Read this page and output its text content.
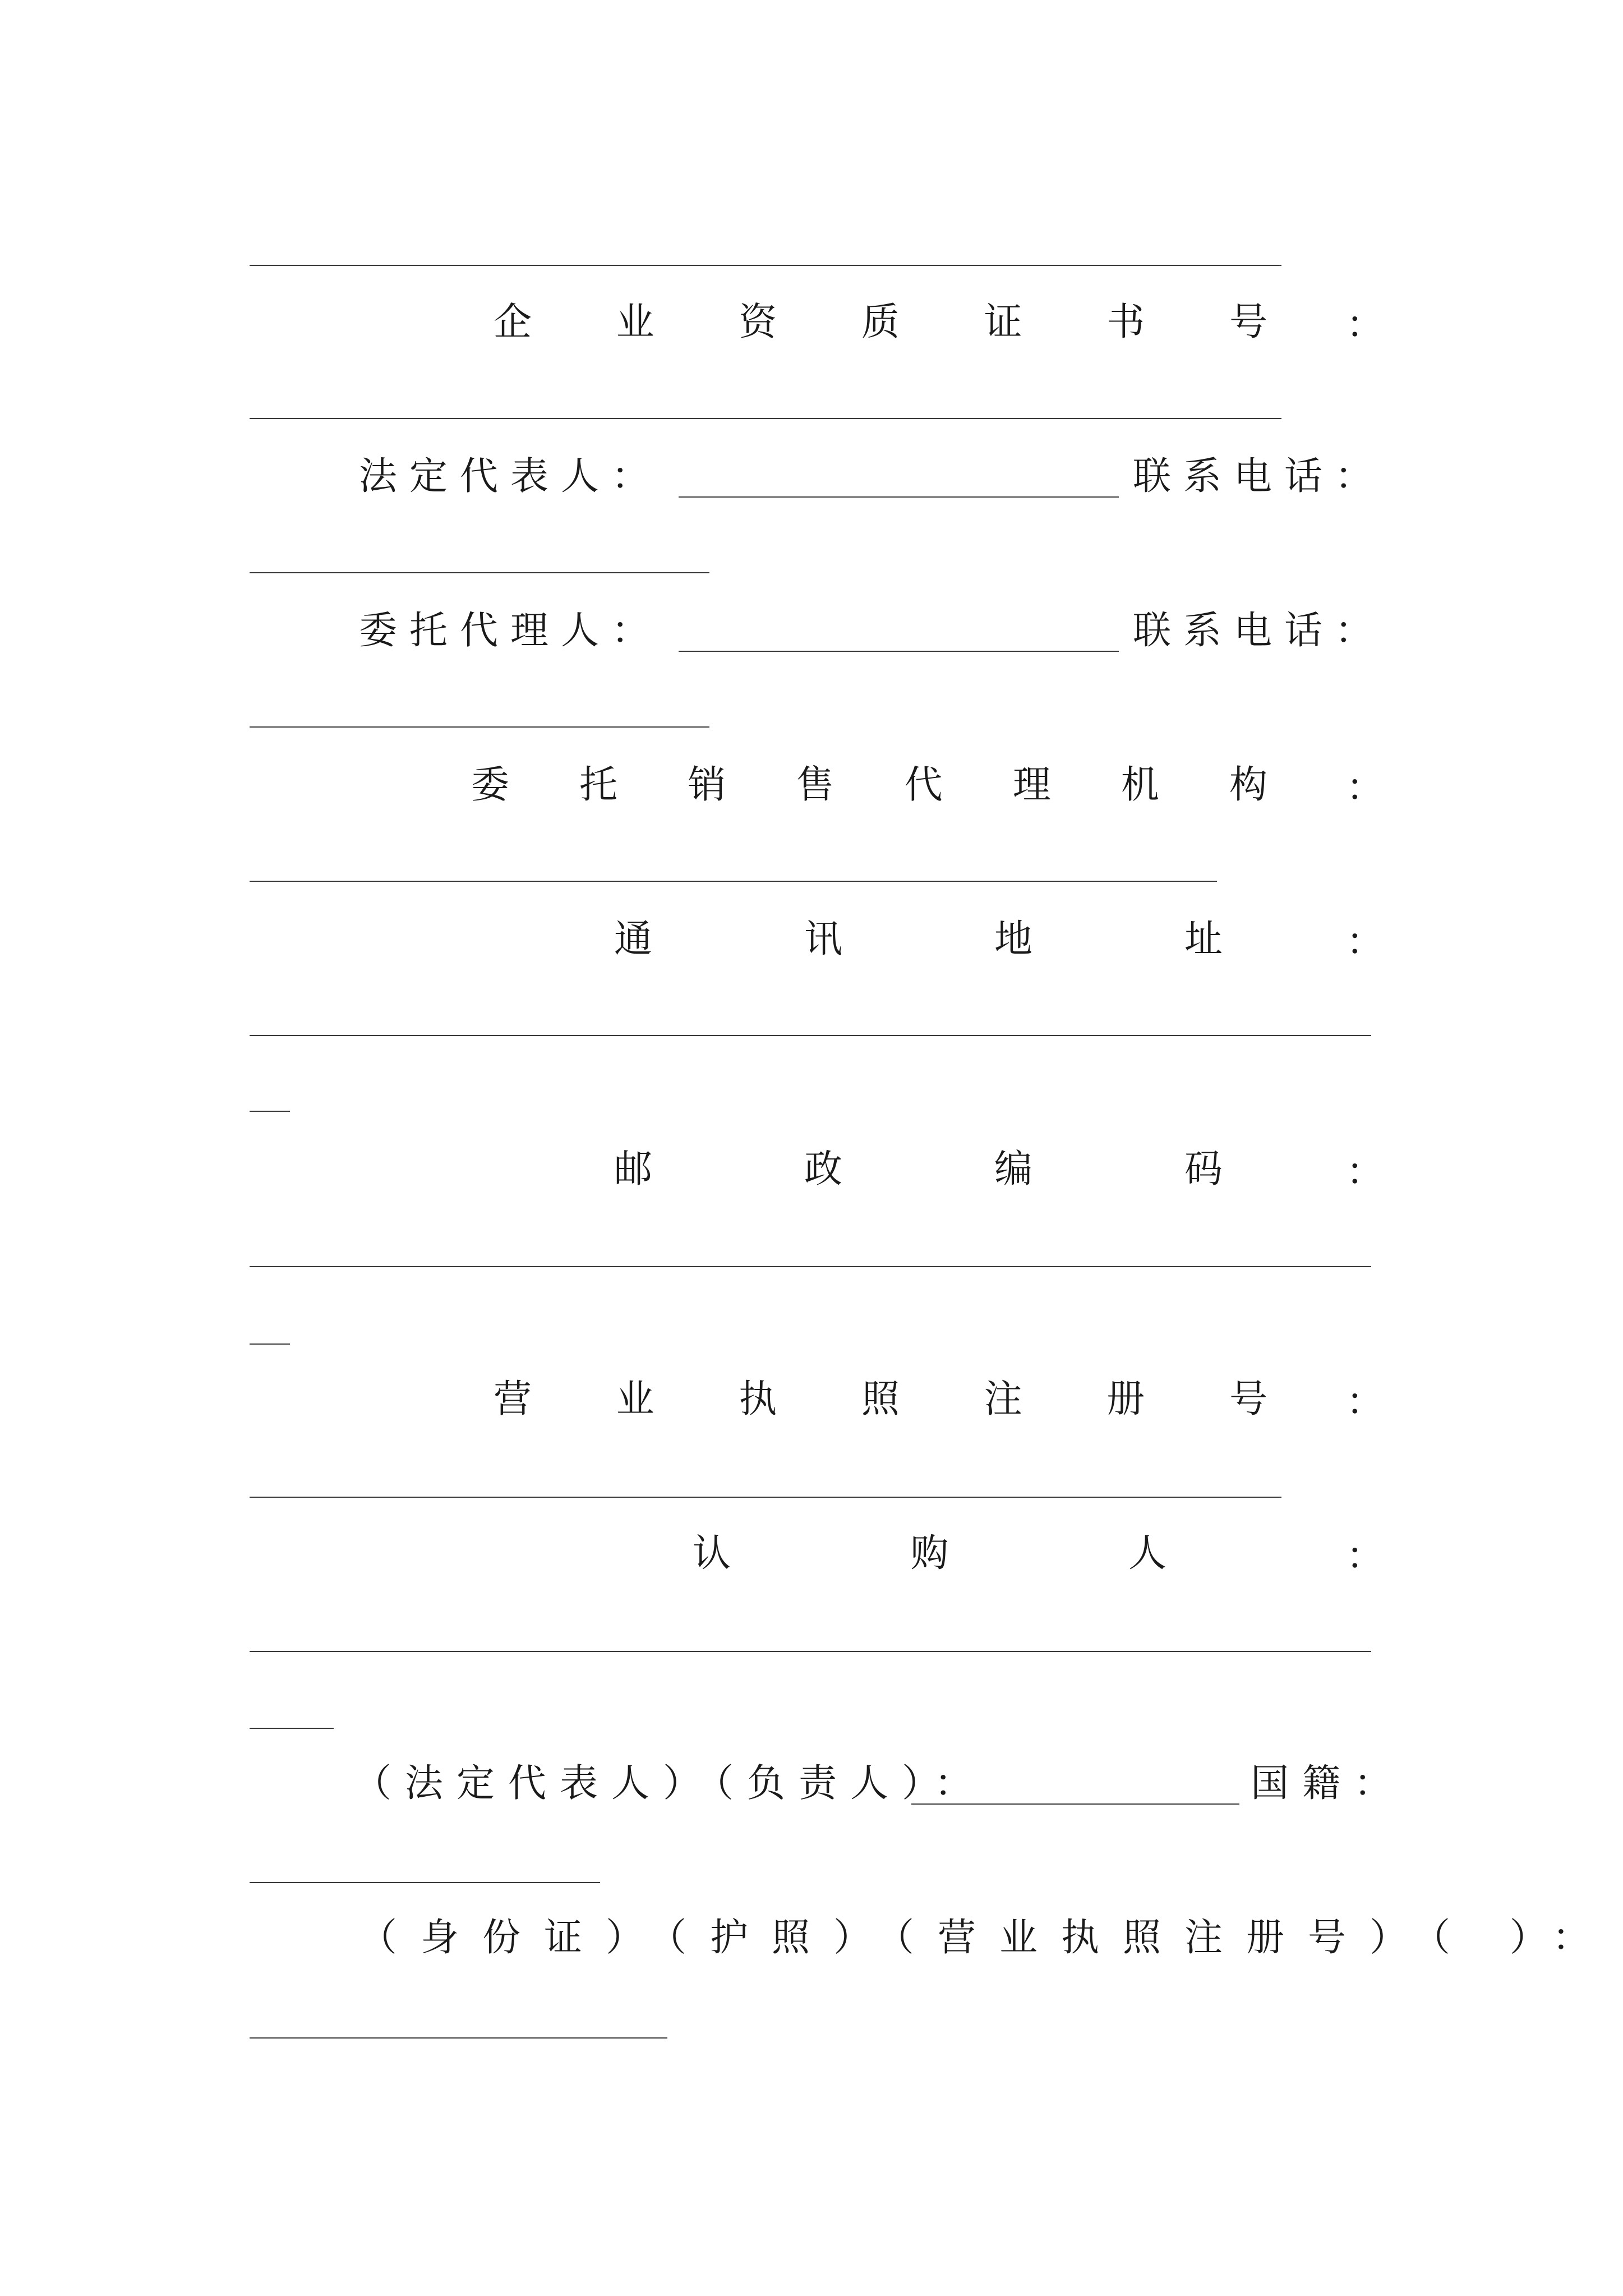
企 业 资 质 证 书 号 ：
法定代表人：	联系电话：
委托代理人：	联系电话：
委 托 销 售 代 理 机 构 ：
通	讯	地	址	：
邮	政	编	码	：
营 业 执 照 注 册 号 ：
认	购	人	：
（法定代表人）（负责人）：	国籍：
（身份证）（护照）（营业执照注册号）（ ）：
